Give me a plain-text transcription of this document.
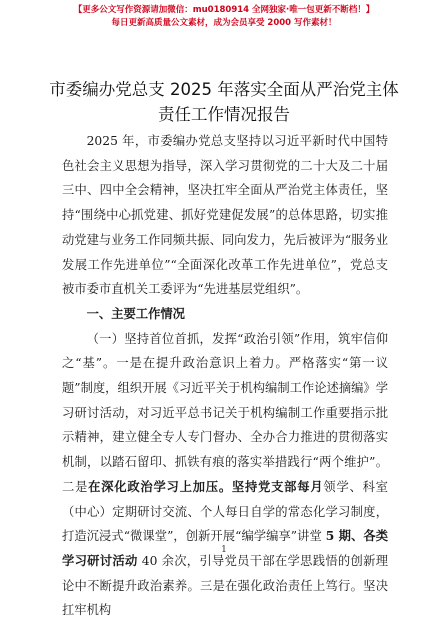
【更多公文写作资源请加微信：mu0180914 全网独家·唯一包更新不断档！】
每日更新高质量公文素材，成为会员享受 2000 写作素材！
市委编办党总支 2025 年落实全面从严治党主体
责任工作情况报告

2025 年，市委编办党总支坚持以习近平新时代中国特色社会主义思想为指导，深入学习贯彻党的二十大及二十届三中、四中全会精神，坚决扛牢全面从严治党主体责任，坚持“围绕中心抓党建、抓好党建促发展”的总体思路，切实推动党建与业务工作同频共振、同向发力，先后被评为“服务业发展工作先进单位”“全面深化改革工作先进单位”，党总支被市委市直机关工委评为“先进基层党组织”。

一、主要工作情况

（一）坚持首位首抓，发挥“政治引领”作用，筑牢信仰之“基”。一是在提升政治意识上着力。严格落实“第一议题”制度，组织开展《习近平关于机构编制工作论述摘编》学习研讨活动，对习近平总书记关于机构编制工作重要指示批示精神，建立健全专人专门督办、全办合力推进的贯彻落实机制，以踏石留印、抓铁有痕的落实举措践行“两个维护”。二是在深化政治学习上加压。坚持党支部每月领学、科室（中心）定期研讨交流、个人每日自学的常态化学习制度，打造沉浸式“微课堂”，创新开展“编学编享”讲堂 5 期、各类学习研讨活动 40 余次，引导党员干部在学思践悟的创新理论中不断提升政治素养。三是在强化政治责任上笃行。坚决扛牢机构

1
